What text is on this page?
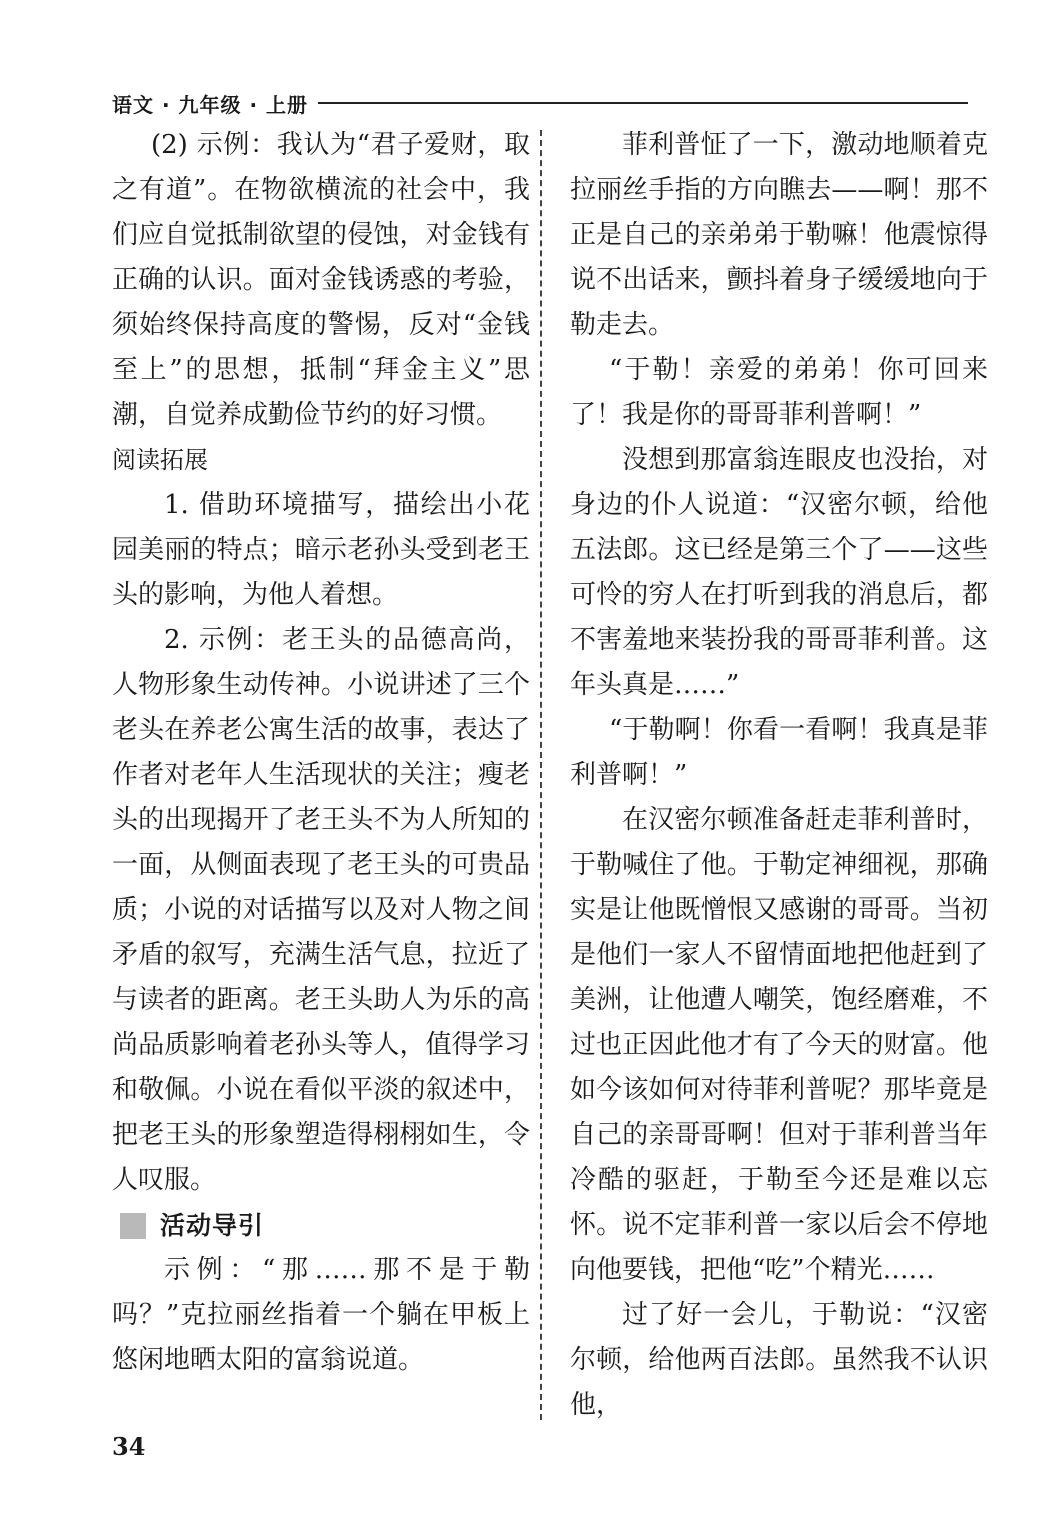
语文 · 九年级 · 上册

(2) 示例：我认为“君子爱财，取之有道”。在物欲横流的社会中，我们应自觉抵制欲望的侵蚀，对金钱有正确的认识。面对金钱诱惑的考验，须始终保持高度的警惕，反对“金钱至上”的思想，抵制“拜金主义”思潮，自觉养成勤俭节约的好习惯。

阅读拓展

1. 借助环境描写，描绘出小花园美丽的特点；暗示老孙头受到老王头的影响，为他人着想。

2. 示例：老王头的品德高尚，人物形象生动传神。小说讲述了三个老头在养老公寓生活的故事，表达了作者对老年人生活现状的关注；瘦老头的出现揭开了老王头不为人所知的一面，从侧面表现了老王头的可贵品质；小说的对话描写以及对人物之间矛盾的叙写，充满生活气息，拉近了与读者的距离。老王头助人为乐的高尚品质影响着老孙头等人，值得学习和敬佩。小说在看似平淡的叙述中，把老王头的形象塑造得栩栩如生，令人叹服。

活动导引

示例：“那……那不是于勒吗？”克拉丽丝指着一个躺在甲板上悠闲地晒太阳的富翁说道。

菲利普怔了一下，激动地顺着克拉丽丝手指的方向瞧去——啊！那不正是自己的亲弟弟于勒嘛！他震惊得说不出话来，颤抖着身子缓缓地向于勒走去。

“于勒！亲爱的弟弟！你可回来了！我是你的哥哥菲利普啊！”

没想到那富翁连眼皮也没抬，对身边的仆人说道：“汉密尔顿，给他五法郎。这已经是第三个了——这些可怜的穷人在打听到我的消息后，都不害羞地来装扮我的哥哥菲利普。这年头真是……”

“于勒啊！你看一看啊！我真是菲利普啊！”

在汉密尔顿准备赶走菲利普时，于勒喊住了他。于勒定神细视，那确实是让他既憎恨又感谢的哥哥。当初是他们一家人不留情面地把他赶到了美洲，让他遭人嘲笑，饱经磨难，不过也正因此他才有了今天的财富。他如今该如何对待菲利普呢？那毕竟是自己的亲哥哥啊！但对于菲利普当年冷酷的驱赶，于勒至今还是难以忘怀。说不定菲利普一家以后会不停地向他要钱，把他“吃”个精光……

过了好一会儿，于勒说：“汉密尔顿，给他两百法郎。虽然我不认识他，

34
